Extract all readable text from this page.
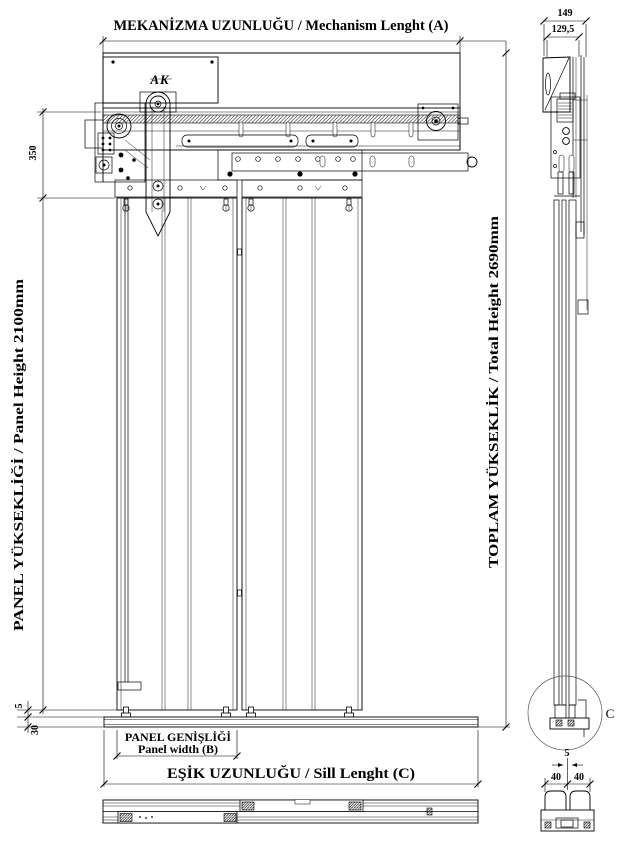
MEKANİZMA UZUNLUĞU / Mechanism Lenght (A)
TOPLAM YÜKSEKLİK / Total Height 2690mm
350
PANEL YÜKSEKLİĞİ / Panel Height 2100mm
5
30	PANEL GENİŞLİĞİ
Panel width (B)
EŞİK UZUNLUĞU / Sill Lenght (C)
AK
149
129,5
C
5
40 40
